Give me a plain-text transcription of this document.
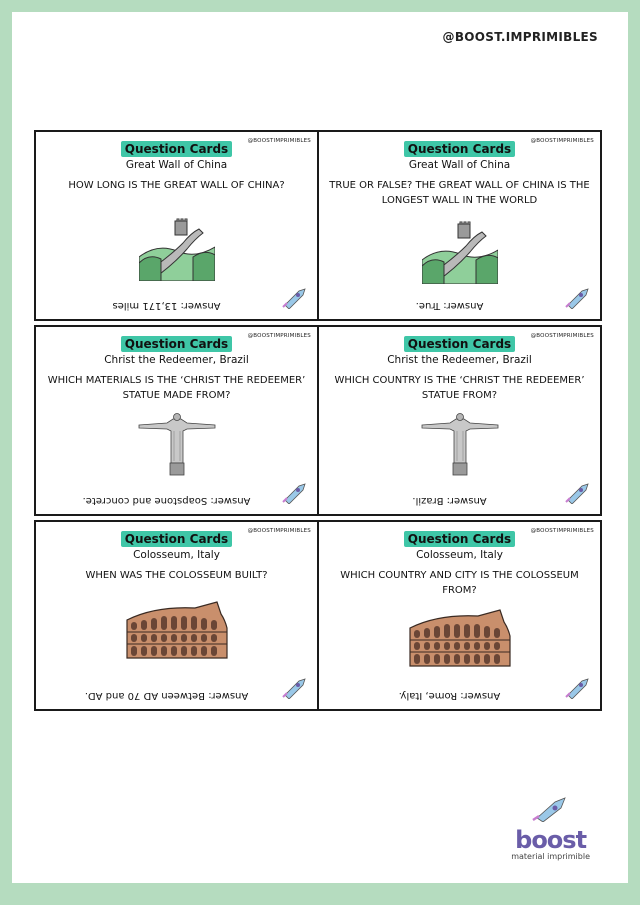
@BOOST.IMPRIMIBLES
Question Cards
@BOOSTIMPRIMIBLES
Great Wall of China
HOW LONG IS THE GREAT WALL OF CHINA?
Answer: 13,171 miles
Question Cards
@BOOSTIMPRIMIBLES
Great Wall of China
TRUE OR FALSE? THE GREAT WALL OF CHINA IS THE LONGEST WALL IN THE WORLD
Answer: True.
Question Cards
@BOOSTIMPRIMIBLES
Christ the Redeemer, Brazil
WHICH MATERIALS IS THE ‘CHRIST THE REDEEMER’ STATUE MADE FROM?
Answer: Soapstone and concrete.
Question Cards
@BOOSTIMPRIMIBLES
Christ the Redeemer, Brazil
WHICH COUNTRY IS THE ‘CHRIST THE REDEEMER’ STATUE FROM?
Answer: Brazil.
Question Cards
@BOOSTIMPRIMIBLES
Colosseum, Italy
WHEN WAS THE COLOSSEUM BUILT?
Answer: Between AD 70 and AD.
Question Cards
@BOOSTIMPRIMIBLES
Colosseum, Italy
WHICH COUNTRY AND CITY IS THE COLOSSEUM FROM?
Answer: Rome, Italy.
boost
material imprimible
